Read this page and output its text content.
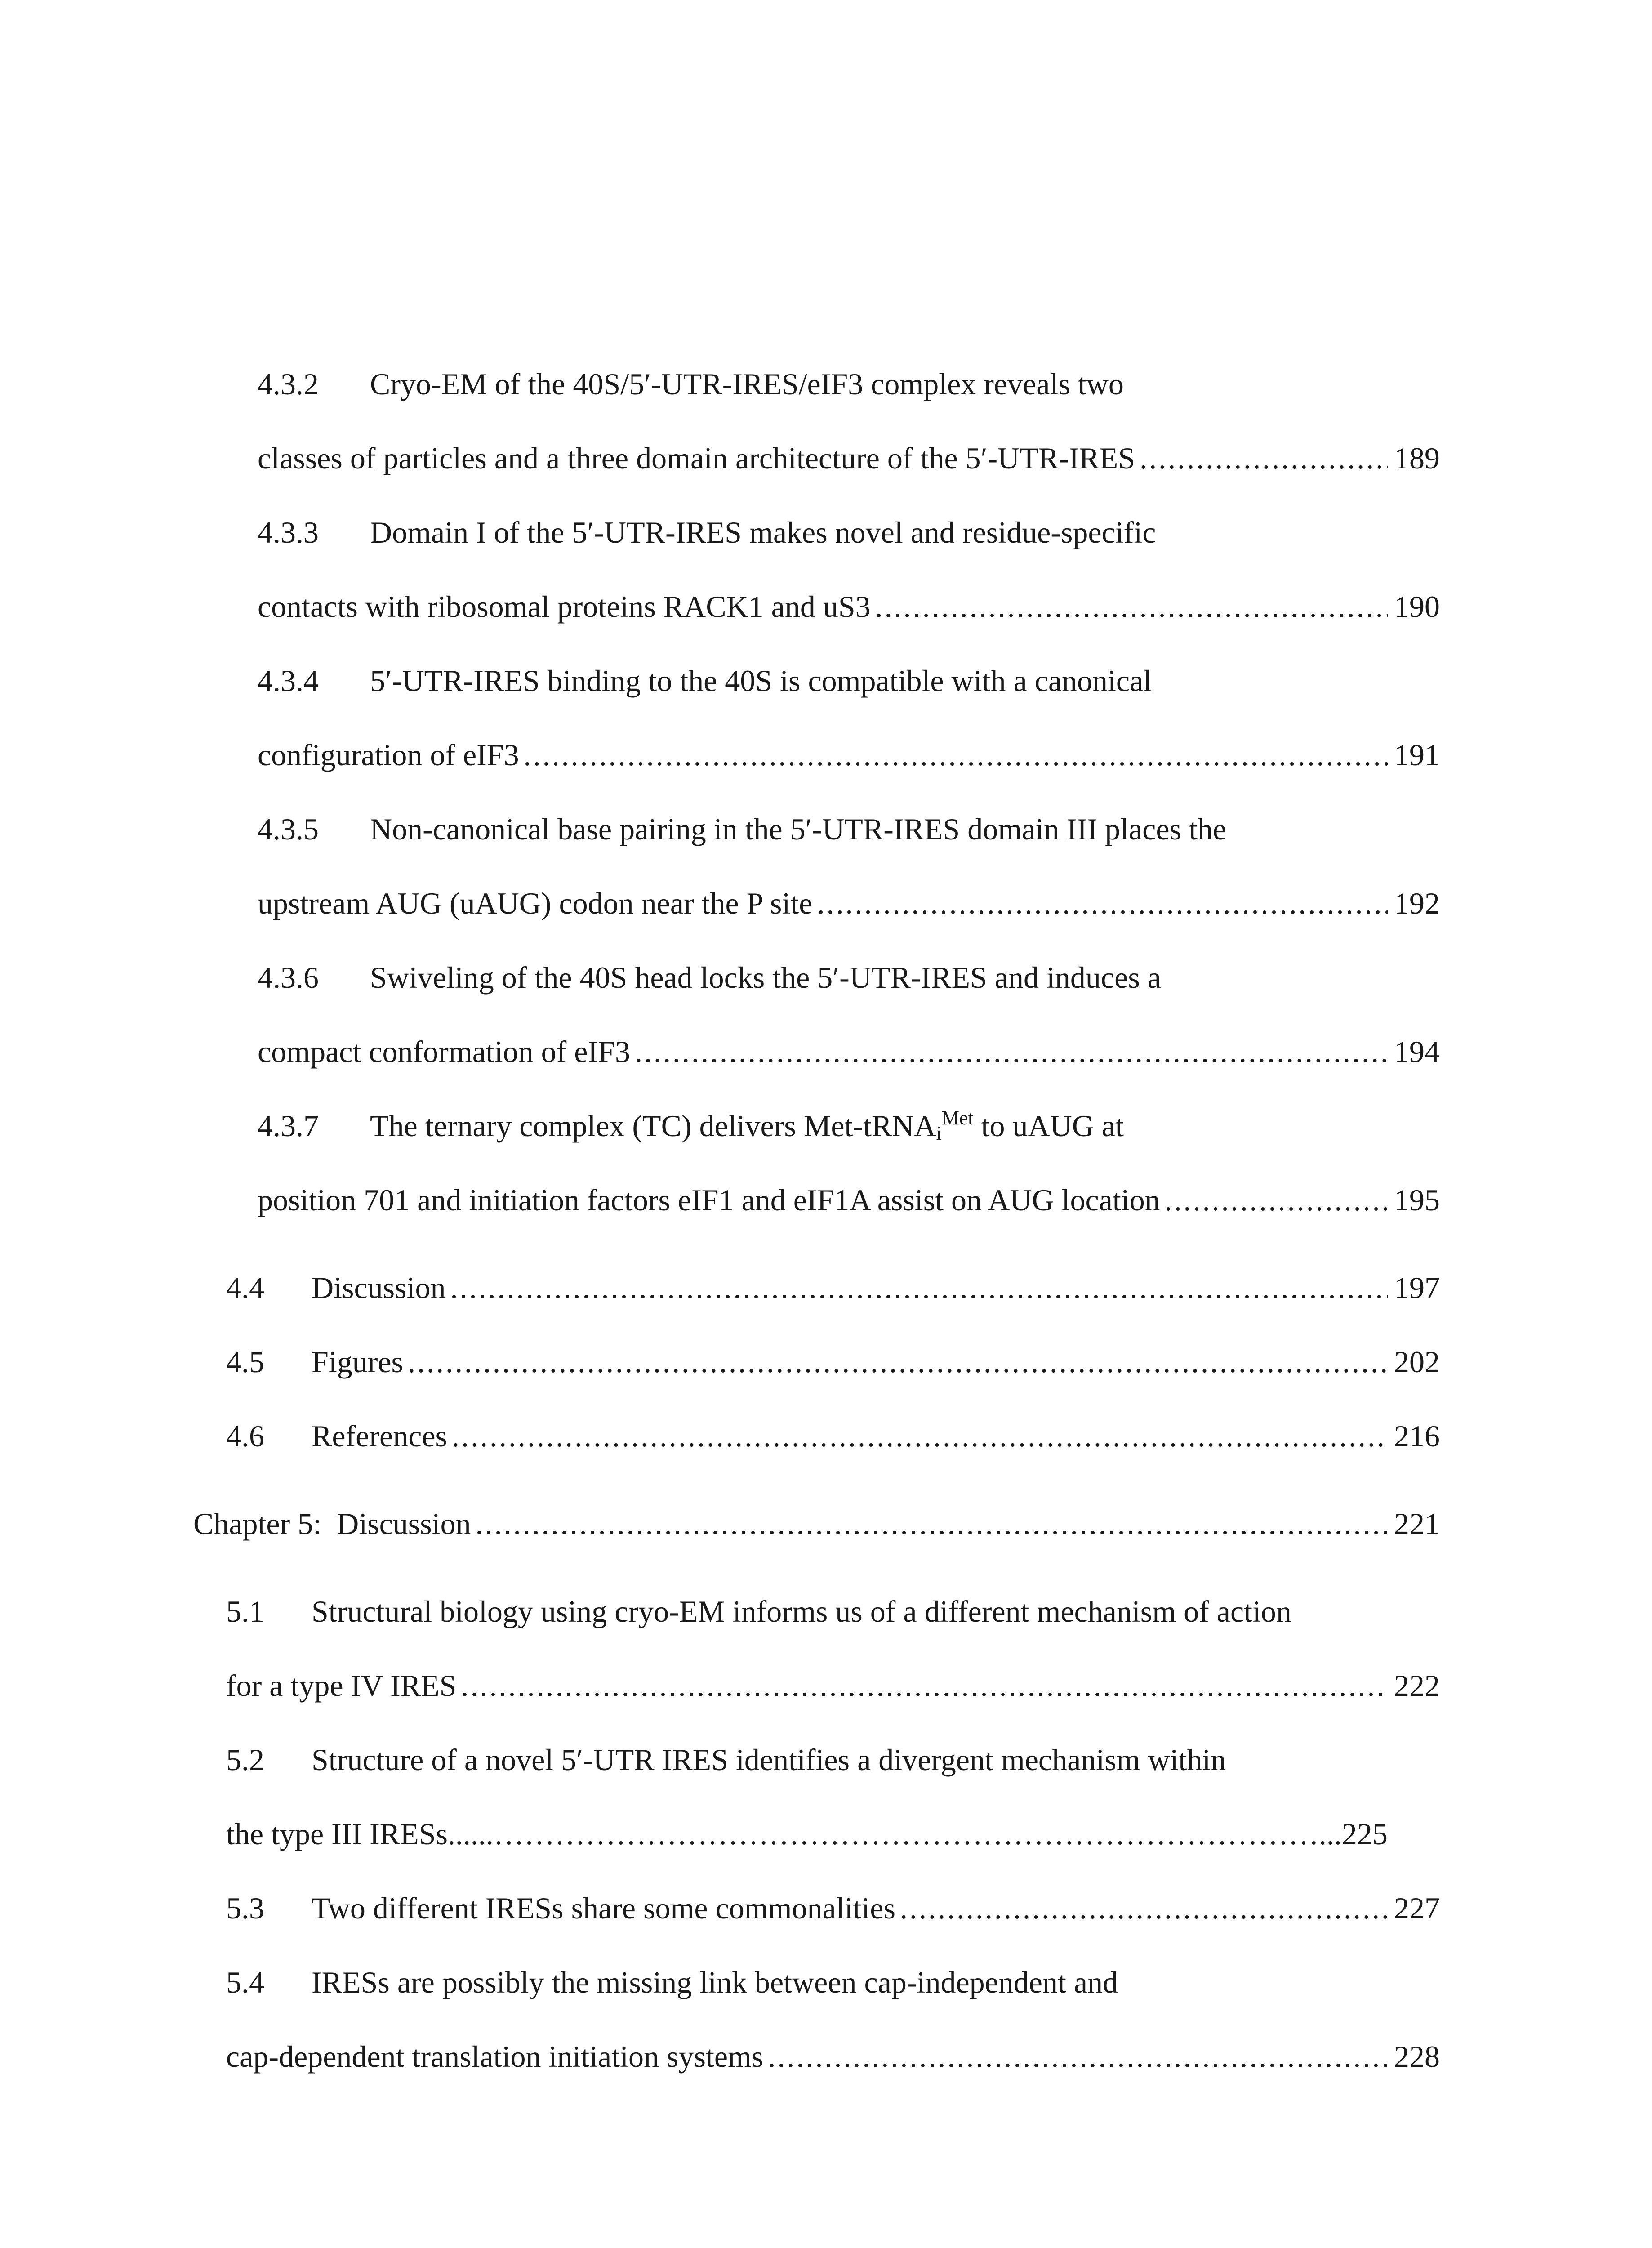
4.3.2 Cryo-EM of the 40S/5′-UTR-IRES/eIF3 complex reveals two
classes of particles and a three domain architecture of the 5′-UTR-IRES .....	189
4.3.3 Domain I of the 5′-UTR-IRES makes novel and residue-specific
contacts with ribosomal proteins RACK1 and uS3 .....	190
4.3.4 5′-UTR-IRES binding to the 40S is compatible with a canonical
configuration of eIF3 .....	191
4.3.5 Non-canonical base pairing in the 5′-UTR-IRES domain III places the
upstream AUG (uAUG) codon near the P site .....	192
4.3.6 Swiveling of the 40S head locks the 5′-UTR-IRES and induces a
compact conformation of eIF3 .....	194
4.3.7 The ternary complex (TC) delivers Met-tRNA$_i^{Met}$ to uAUG at
position 701 and initiation factors eIF1 and eIF1A assist on AUG location .....	195
4.4	Discussion .....	197
4.5	Figures .....	202
4.6	References .....	216
Chapter 5:  Discussion .....	221
5.1 Structural biology using cryo-EM informs us of a different mechanism of action
for a type IV IRES .....	222
5.2 Structure of a novel 5′-UTR IRES identifies a divergent mechanism within
the type III IRESs......………………………………………………………………………...225
5.3	Two different IRESs share some commonalities .....	227
5.4 IRESs are possibly the missing link between cap-independent and
cap-dependent translation initiation systems .....	228
